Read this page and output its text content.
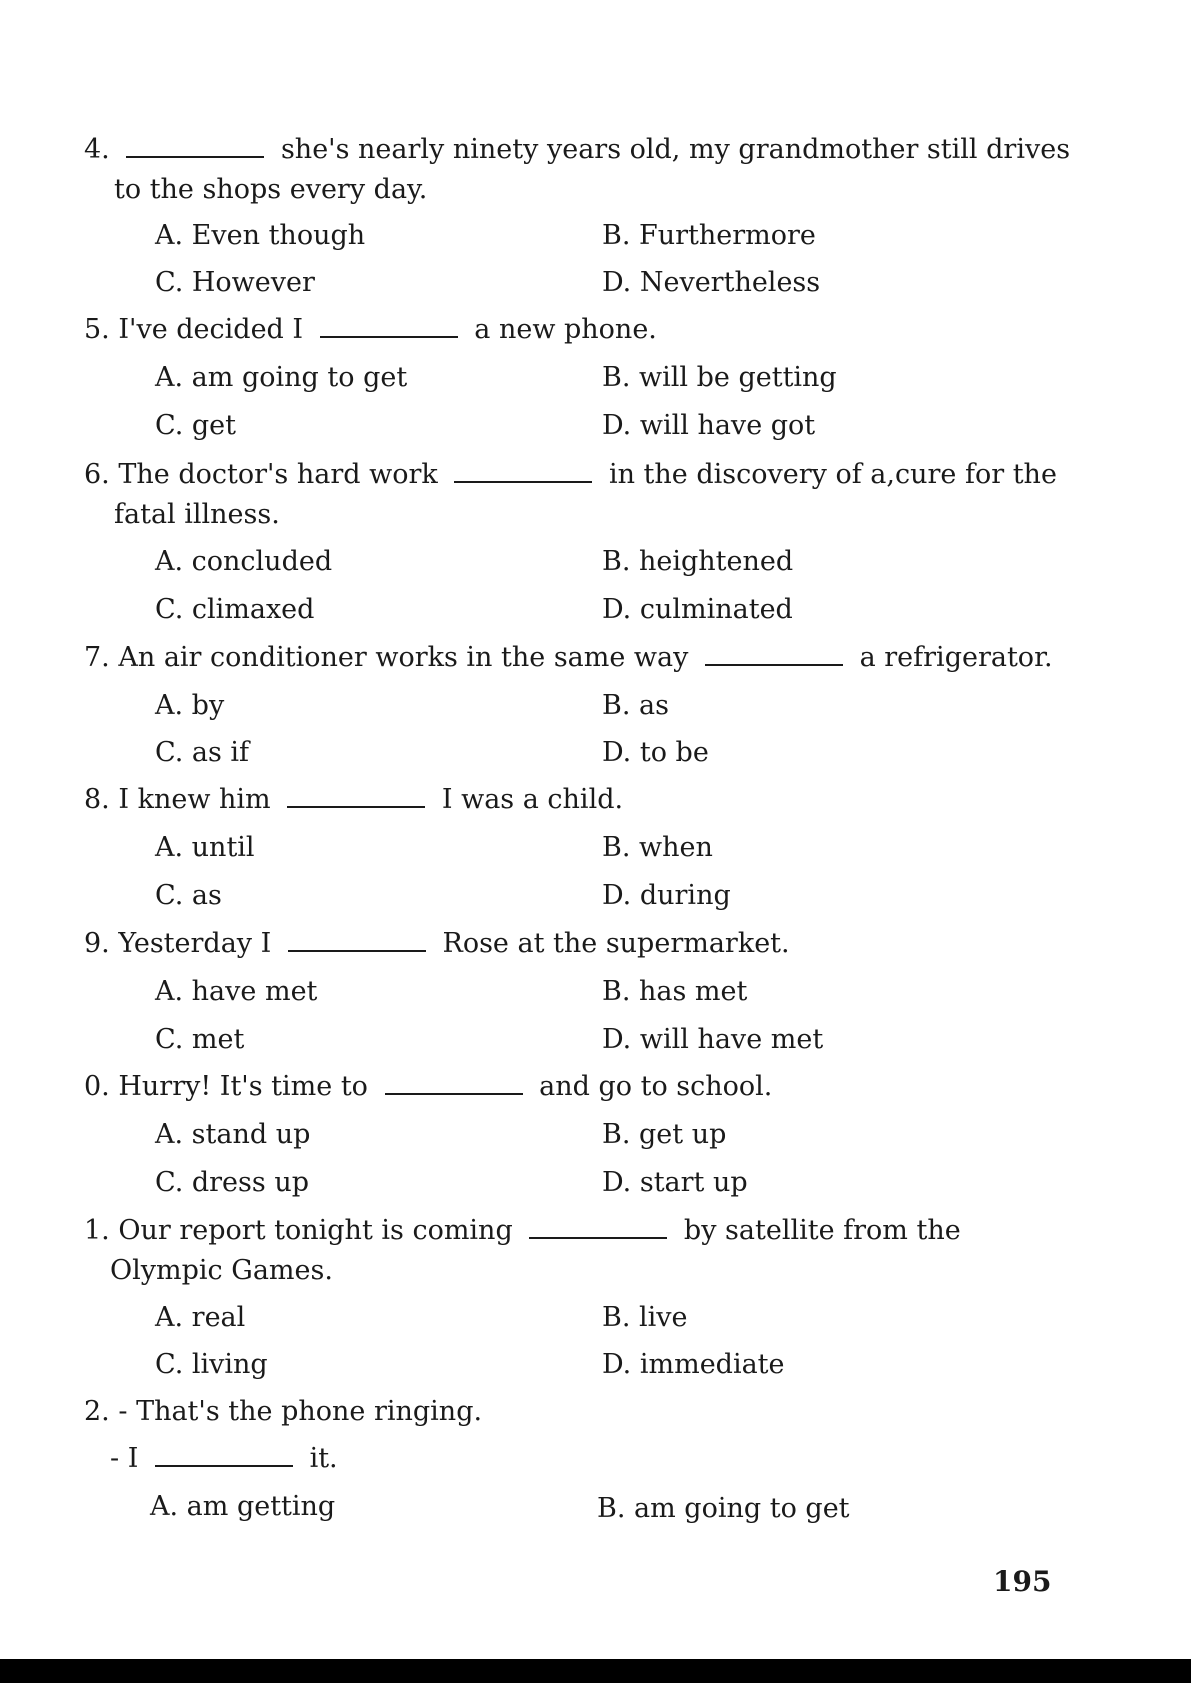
4.	she's nearly ninety years old, my grandmother still drives
to the shops every day.
A. Even though	B. Furthermore
C. However	D. Nevertheless
5. I've decided I	a new phone.
A. am going to get	B. will be getting
C. get	D. will have got
6. The doctor's hard work	in the discovery of a,cure for the
fatal illness.
A. concluded	B. heightened
C. climaxed	D. culminated
7. An air conditioner works in the same way	a refrigerator.
A. by	B. as
C. as if	D. to be
8. I knew him	I was a child.
A. until	B. when
C. as	D. during
9. Yesterday I	Rose at the supermarket.
A. have met	B. has met
C. met	D. will have met
0. Hurry! It's time to	and go to school.
A. stand up	B. get up
C. dress up	D. start up
1. Our report tonight is coming	by satellite from the
Olympic Games.
A. real	B. live
C. living	D. immediate
2. - That's the phone ringing.
- I	it.
A. am getting	B. am going to get
195
